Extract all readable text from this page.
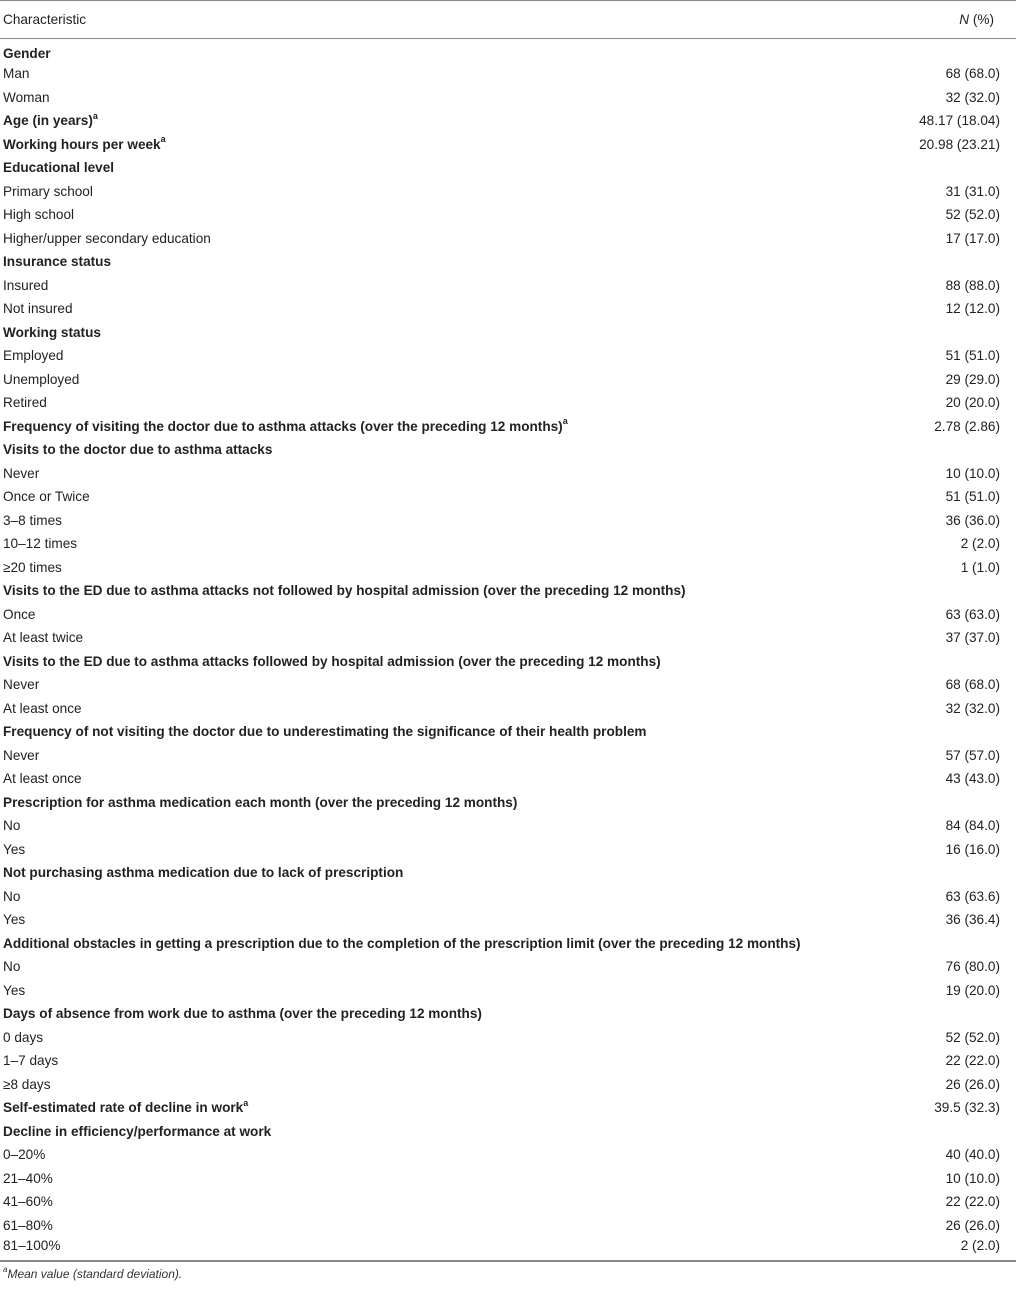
Characteristic	N (%)
Gender	
Man	68 (68.0)
Woman	32 (32.0)
Age (in years)$^a$	48.17 (18.04)
Working hours per week$^a$	20.98 (23.21)
Educational level	
Primary school	31 (31.0)
High school	52 (52.0)
Higher/upper secondary education	17 (17.0)
Insurance status	
Insured	88 (88.0)
Not insured	12 (12.0)
Working status	
Employed	51 (51.0)
Unemployed	29 (29.0)
Retired	20 (20.0)
Frequency of visiting the doctor due to asthma attacks (over the preceding 12 months)$^a$	2.78 (2.86)
Visits to the doctor due to asthma attacks	
Never	10 (10.0)
Once or Twice	51 (51.0)
3–8 times	36 (36.0)
10–12 times	2 (2.0)
≥20 times	1 (1.0)
Visits to the ED due to asthma attacks not followed by hospital admission (over the preceding 12 months)	
Once	63 (63.0)
At least twice	37 (37.0)
Visits to the ED due to asthma attacks followed by hospital admission (over the preceding 12 months)	
Never	68 (68.0)
At least once	32 (32.0)
Frequency of not visiting the doctor due to underestimating the significance of their health problem	
Never	57 (57.0)
At least once	43 (43.0)
Prescription for asthma medication each month (over the preceding 12 months)	
No	84 (84.0)
Yes	16 (16.0)
Not purchasing asthma medication due to lack of prescription	
No	63 (63.6)
Yes	36 (36.4)
Additional obstacles in getting a prescription due to the completion of the prescription limit (over the preceding 12 months)	
No	76 (80.0)
Yes	19 (20.0)
Days of absence from work due to asthma (over the preceding 12 months)	
0 days	52 (52.0)
1–7 days	22 (22.0)
≥8 days	26 (26.0)
Self-estimated rate of decline in work$^a$	39.5 (32.3)
Decline in efficiency/performance at work	
0–20%	40 (40.0)
21–40%	10 (10.0)
41–60%	22 (22.0)
61–80%	26 (26.0)
81–100%	2 (2.0)
$^a$Mean value (standard deviation).
